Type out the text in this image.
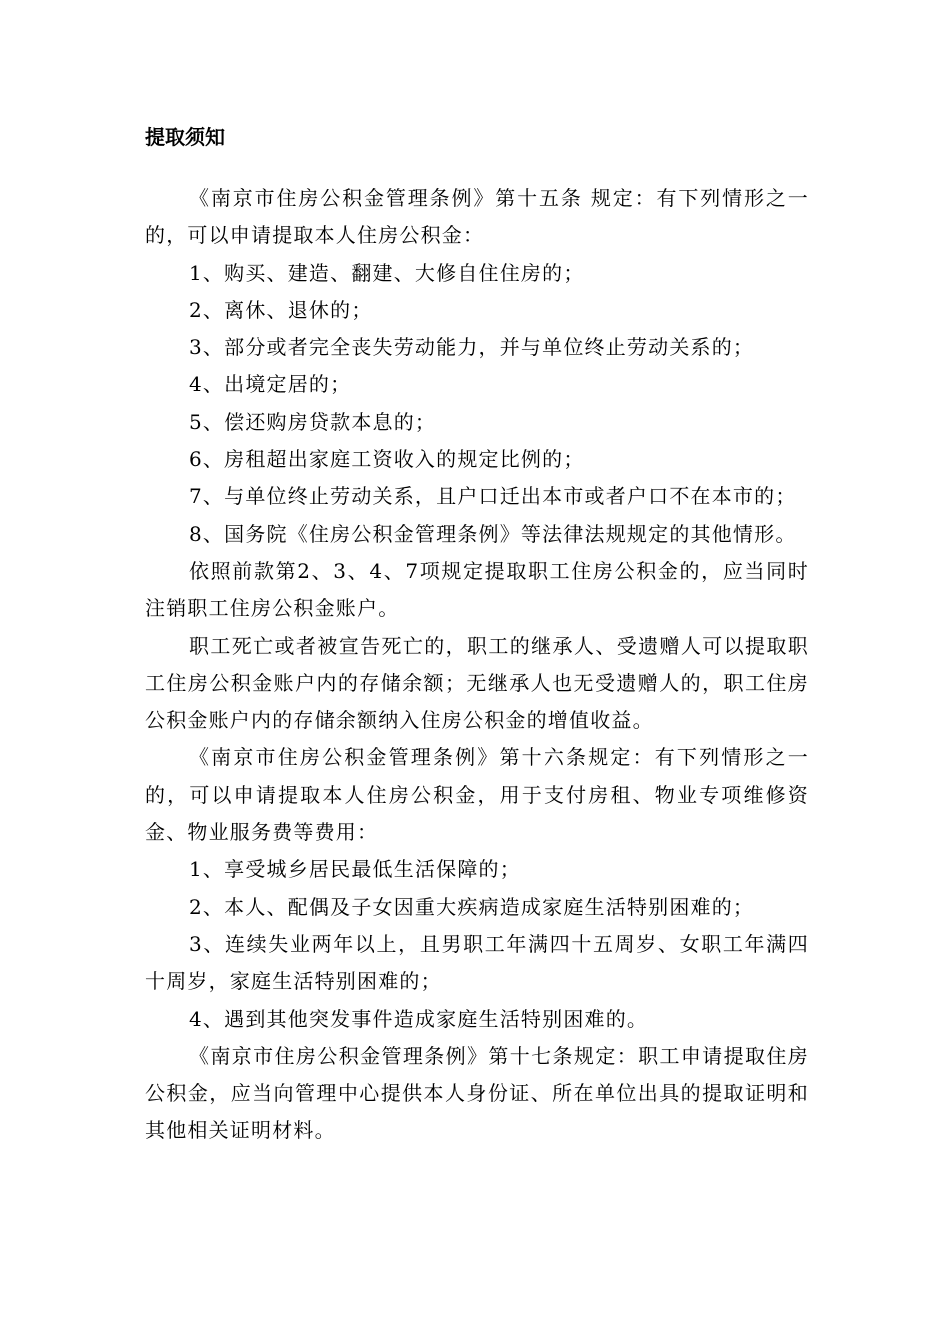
提取须知

《南京市住房公积金管理条例》第十五条 规定：有下列情形之一的，可以申请提取本人住房公积金：

1、购买、建造、翻建、大修自住住房的；

2、离休、退休的；

3、部分或者完全丧失劳动能力，并与单位终止劳动关系的；

4、出境定居的；

5、偿还购房贷款本息的；

6、房租超出家庭工资收入的规定比例的；

7、与单位终止劳动关系，且户口迁出本市或者户口不在本市的；

8、国务院《住房公积金管理条例》等法律法规规定的其他情形。

依照前款第2、3、4、7项规定提取职工住房公积金的，应当同时注销职工住房公积金账户。

职工死亡或者被宣告死亡的，职工的继承人、受遗赠人可以提取职工住房公积金账户内的存储余额；无继承人也无受遗赠人的，职工住房公积金账户内的存储余额纳入住房公积金的增值收益。

《南京市住房公积金管理条例》第十六条规定：有下列情形之一的，可以申请提取本人住房公积金，用于支付房租、物业专项维修资金、物业服务费等费用：

1、享受城乡居民最低生活保障的；

2、本人、配偶及子女因重大疾病造成家庭生活特别困难的；

3、连续失业两年以上，且男职工年满四十五周岁、女职工年满四十周岁，家庭生活特别困难的；

4、遇到其他突发事件造成家庭生活特别困难的。

《南京市住房公积金管理条例》第十七条规定：职工申请提取住房公积金，应当向管理中心提供本人身份证、所在单位出具的提取证明和其他相关证明材料。
